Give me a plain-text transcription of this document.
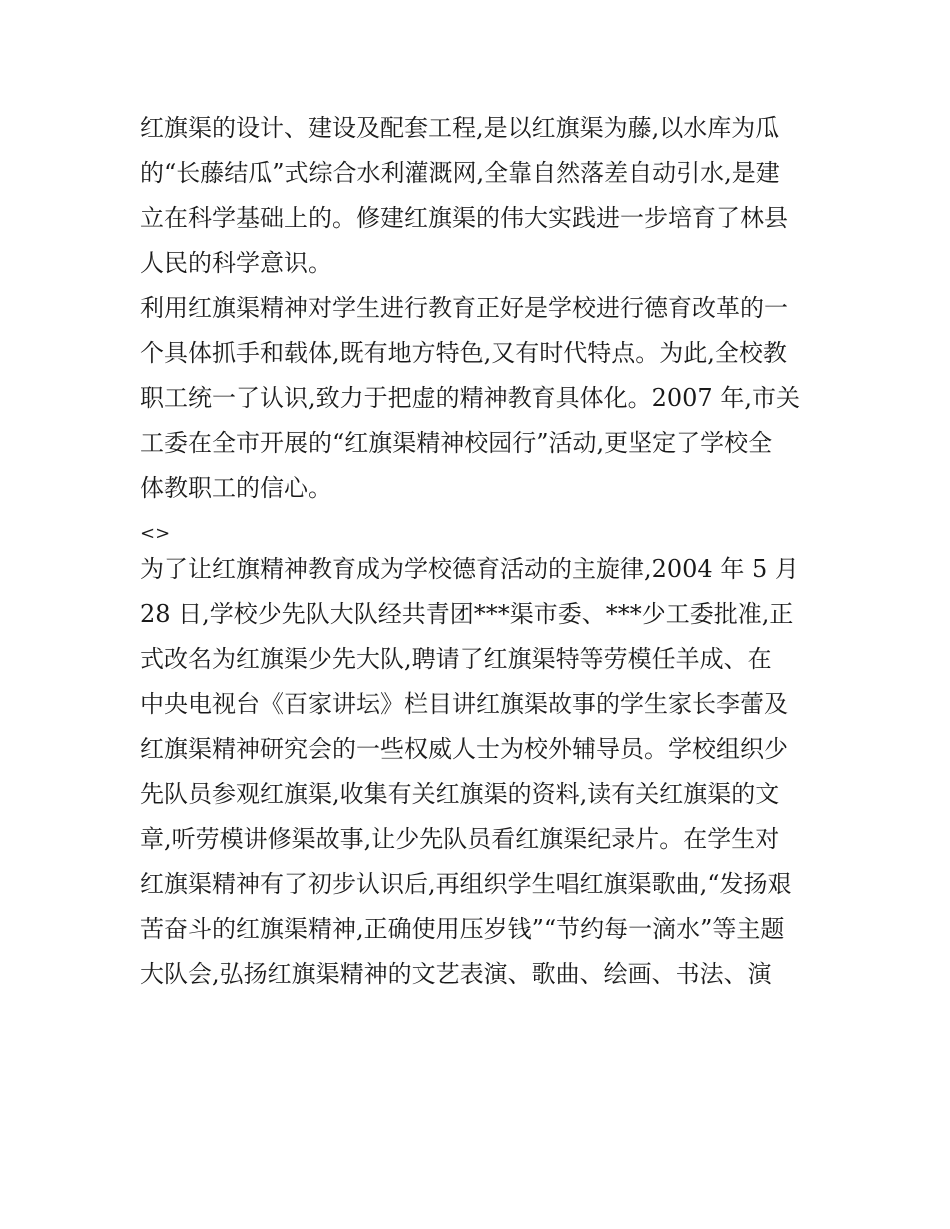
红旗渠的设计、建设及配套工程,是以红旗渠为藤,以水库为瓜
的“长藤结瓜”式综合水利灌溉网,全靠自然落差自动引水,是建
立在科学基础上的。修建红旗渠的伟大实践进一步培育了林县
人民的科学意识。
利用红旗渠精神对学生进行教育正好是学校进行德育改革的一
个具体抓手和载体,既有地方特色,又有时代特点。为此,全校教
职工统一了认识,致力于把虚的精神教育具体化。2007 年,市关
工委在全市开展的“红旗渠精神校园行”活动,更坚定了学校全
体教职工的信心。
<>
为了让红旗精神教育成为学校德育活动的主旋律,2004 年 5 月
28 日,学校少先队大队经共青团***渠市委、***少工委批准,正
式改名为红旗渠少先大队,聘请了红旗渠特等劳模任羊成、在
中央电视台《百家讲坛》栏目讲红旗渠故事的学生家长李蕾及
红旗渠精神研究会的一些权威人士为校外辅导员。学校组织少
先队员参观红旗渠,收集有关红旗渠的资料,读有关红旗渠的文
章,听劳模讲修渠故事,让少先队员看红旗渠纪录片。在学生对
红旗渠精神有了初步认识后,再组织学生唱红旗渠歌曲,“发扬艰
苦奋斗的红旗渠精神,正确使用压岁钱”“节约每一滴水”等主题
大队会,弘扬红旗渠精神的文艺表演、歌曲、绘画、书法、演
